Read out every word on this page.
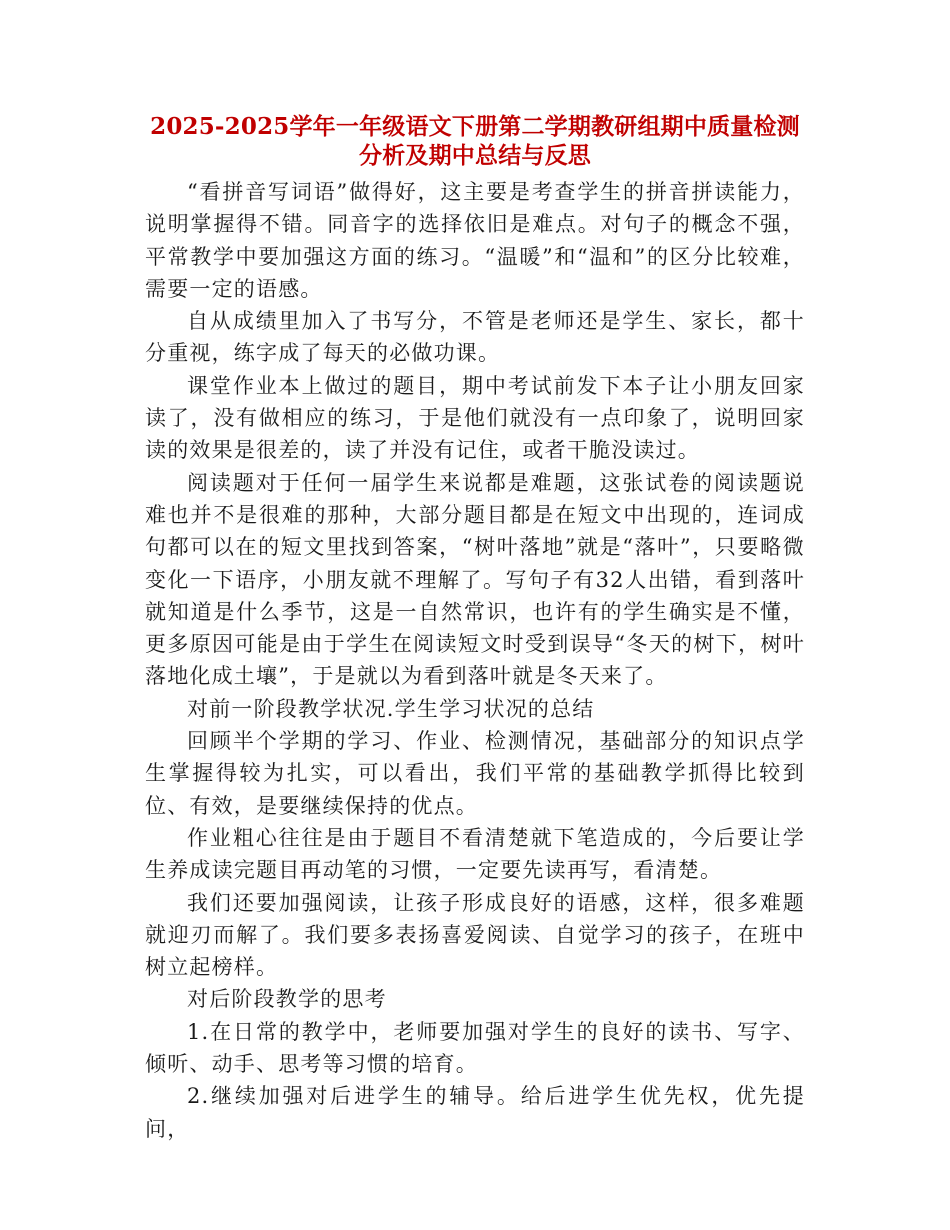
2025-2025学年一年级语文下册第二学期教研组期中质量检测
分析及期中总结与反思

“看拼音写词语”做得好，这主要是考查学生的拼音拼读能力，说明掌握得不错。同音字的选择依旧是难点。对句子的概念不强，平常教学中要加强这方面的练习。“温暖”和“温和”的区分比较难，需要一定的语感。

自从成绩里加入了书写分，不管是老师还是学生、家长，都十分重视，练字成了每天的必做功课。

课堂作业本上做过的题目，期中考试前发下本子让小朋友回家读了，没有做相应的练习，于是他们就没有一点印象了，说明回家读的效果是很差的，读了并没有记住，或者干脆没读过。

阅读题对于任何一届学生来说都是难题，这张试卷的阅读题说难也并不是很难的那种，大部分题目都是在短文中出现的，连词成句都可以在的短文里找到答案，“树叶落地”就是“落叶”，只要略微变化一下语序，小朋友就不理解了。写句子有32人出错，看到落叶就知道是什么季节，这是一自然常识，也许有的学生确实是不懂，更多原因可能是由于学生在阅读短文时受到误导“冬天的树下，树叶落地化成土壤”，于是就以为看到落叶就是冬天来了。

对前一阶段教学状况.学生学习状况的总结

回顾半个学期的学习、作业、检测情况，基础部分的知识点学生掌握得较为扎实，可以看出，我们平常的基础教学抓得比较到位、有效，是要继续保持的优点。

作业粗心往往是由于题目不看清楚就下笔造成的，今后要让学生养成读完题目再动笔的习惯，一定要先读再写，看清楚。

我们还要加强阅读，让孩子形成良好的语感，这样，很多难题就迎刃而解了。我们要多表扬喜爱阅读、自觉学习的孩子，在班中树立起榜样。

对后阶段教学的思考

1.在日常的教学中，老师要加强对学生的良好的读书、写字、倾听、动手、思考等习惯的培育。

2.继续加强对后进学生的辅导。给后进学生优先权，优先提问，
